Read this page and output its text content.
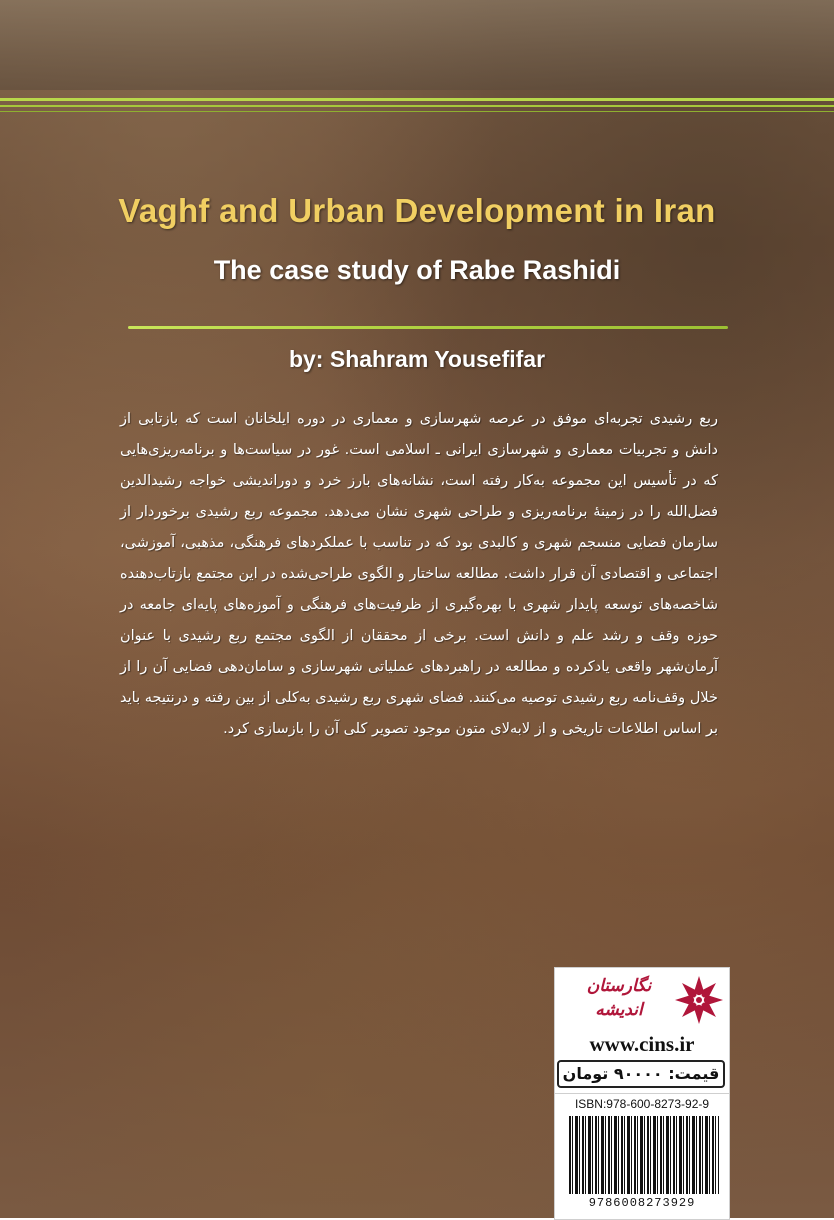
Vaghf and Urban Development in Iran
The case study of Rabe Rashidi
by: Shahram Yousefifar

ربع رشیدی تجربه‌ای موفق در عرصه شهرسازی و معماری در دوره ایلخانان است که بازتابی از دانش و تجربیات معماری و شهرسازی ایرانی ـ اسلامی است. غور در سیاست‌ها و برنامه‌ریزی‌هایی که در تأسیس این مجموعه به‌کار رفته است، نشانه‌های بارز خرد و دوراندیشی خواجه رشیدالدین فضل‌الله را در زمینهٔ برنامه‌ریزی و طراحی شهری نشان می‌دهد. مجموعه ربع رشیدی برخوردار از سازمان فضایی منسجم شهری و کالبدی بود که در تناسب با عملکردهای فرهنگی، مذهبی، آموزشی، اجتماعی و اقتصادی آن قرار داشت. مطالعه ساختار و الگوی طراحی‌شده در این مجتمع بازتاب‌دهنده شاخصه‌های توسعه پایدار شهری با بهره‌گیری از ظرفیت‌های فرهنگی و آموزه‌های پایه‌ای جامعه در حوزه وقف و رشد علم و دانش است. برخی از محققان از الگوی مجتمع ربع رشیدی با عنوان آرمان‌شهر واقعی یادکرده و مطالعه در راهبردهای عملیاتی شهرسازی و سامان‌دهی فضایی آن را از خلال وقف‌نامه ربع رشیدی توصیه می‌کنند. فضای شهری ربع رشیدی به‌کلی از بین رفته و درنتیجه باید بر اساس اطلاعات تاریخی و از لابه‌لای متون موجود تصویر کلی آن را بازسازی کرد.

نگارستان اندیشه
www.cins.ir
قیمت: ۹۰۰۰۰ تومان
ISBN:978-600-8273-92-9
9786008273929
